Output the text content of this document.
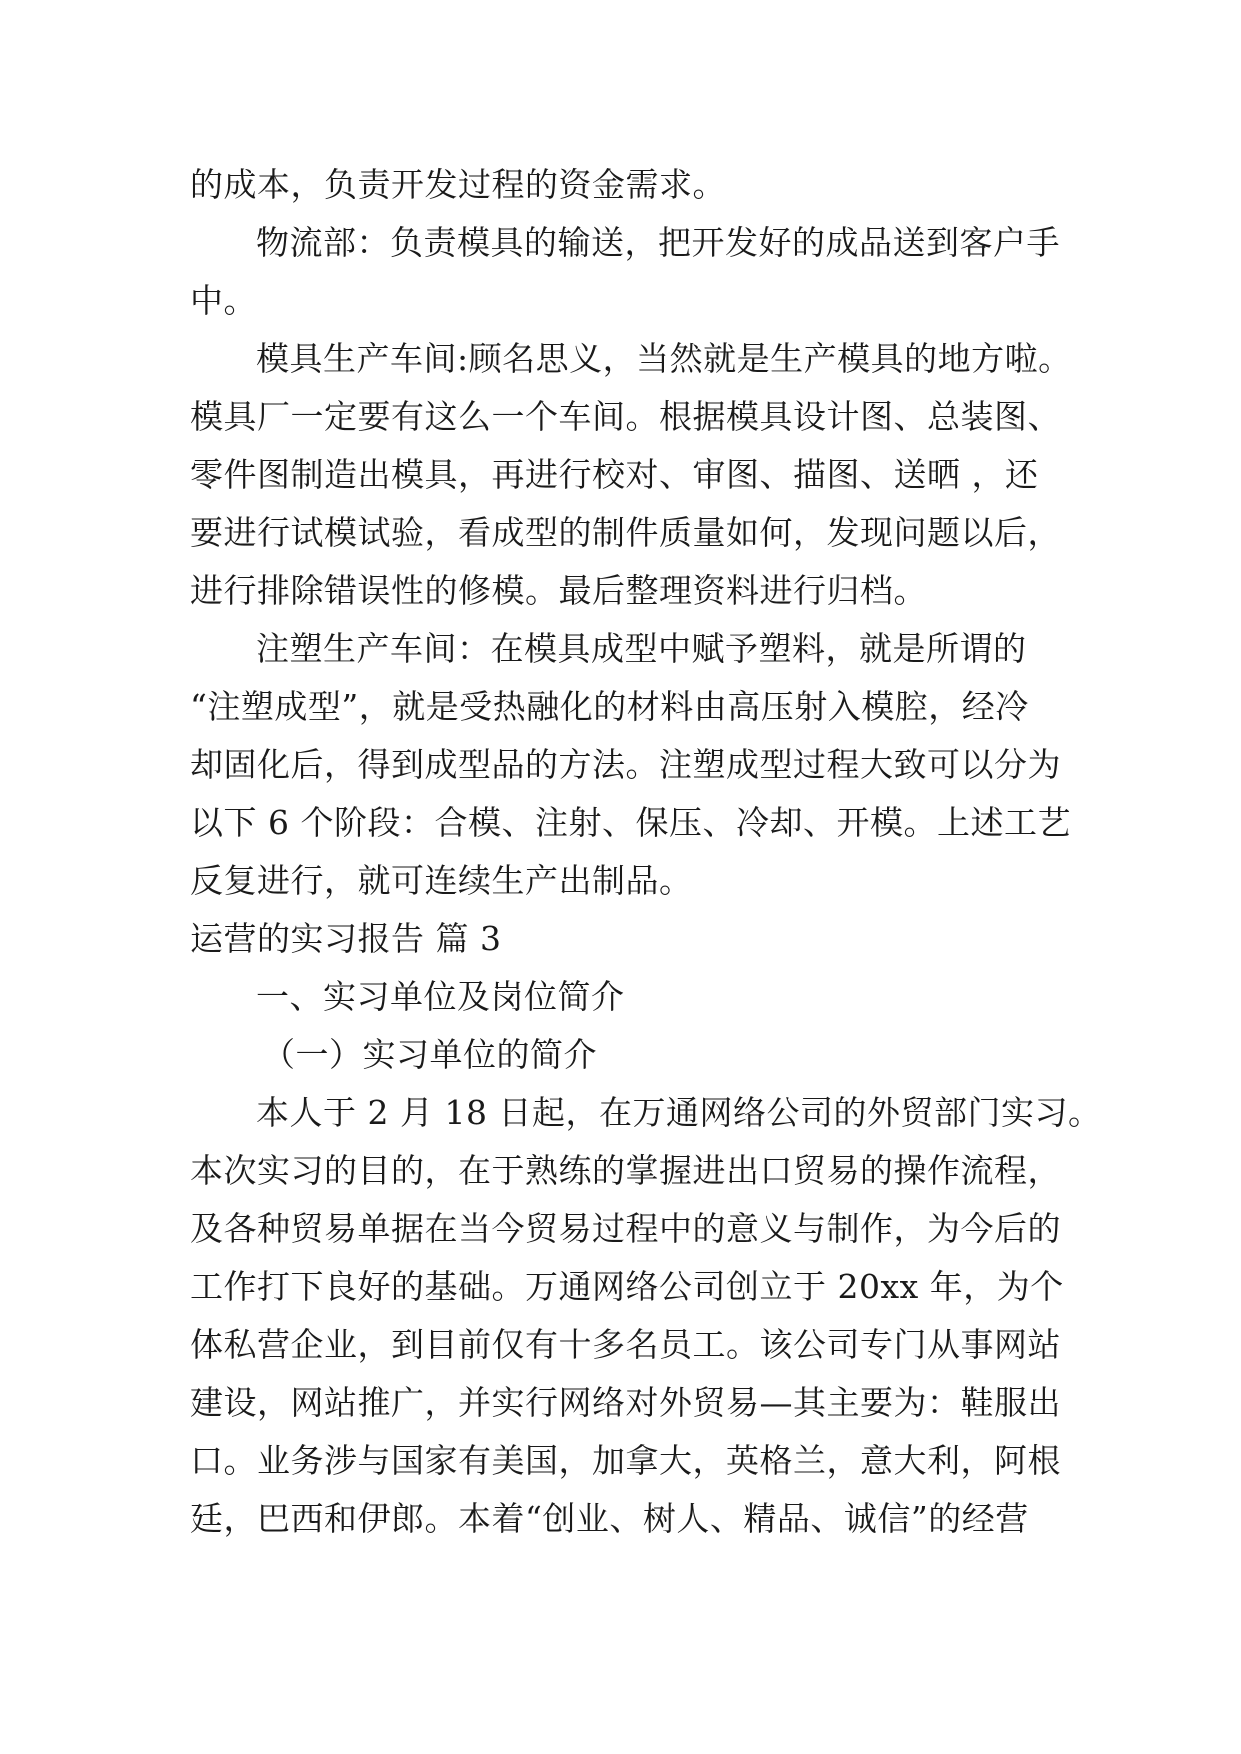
的成本，负责开发过程的资金需求。
物流部：负责模具的输送，把开发好的成品送到客户手
中。
模具生产车间:顾名思义，当然就是生产模具的地方啦。
模具厂一定要有这么一个车间。根据模具设计图、总装图、
零件图制造出模具，再进行校对、审图、描图、送晒 ，还
要进行试模试验，看成型的制件质量如何，发现问题以后，
进行排除错误性的修模。最后整理资料进行归档。
注塑生产车间：在模具成型中赋予塑料，就是所谓的
“注塑成型”，就是受热融化的材料由高压射入模腔，经冷
却固化后，得到成型品的方法。注塑成型过程大致可以分为
以下 6 个阶段：合模、注射、保压、冷却、开模。上述工艺
反复进行，就可连续生产出制品。
运营的实习报告 篇 3
一、实习单位及岗位简介
（一）实习单位的简介
本人于 2 月 18 日起，在万通网络公司的外贸部门实习。
本次实习的目的，在于熟练的掌握进出口贸易的操作流程，
及各种贸易单据在当今贸易过程中的意义与制作，为今后的
工作打下良好的基础。万通网络公司创立于 20xx 年，为个
体私营企业，到目前仅有十多名员工。该公司专门从事网站
建设，网站推广，并实行网络对外贸易—其主要为：鞋服出
口。业务涉与国家有美国，加拿大，英格兰，意大利，阿根
廷，巴西和伊郎。本着“创业、树人、精品、诚信”的经营
